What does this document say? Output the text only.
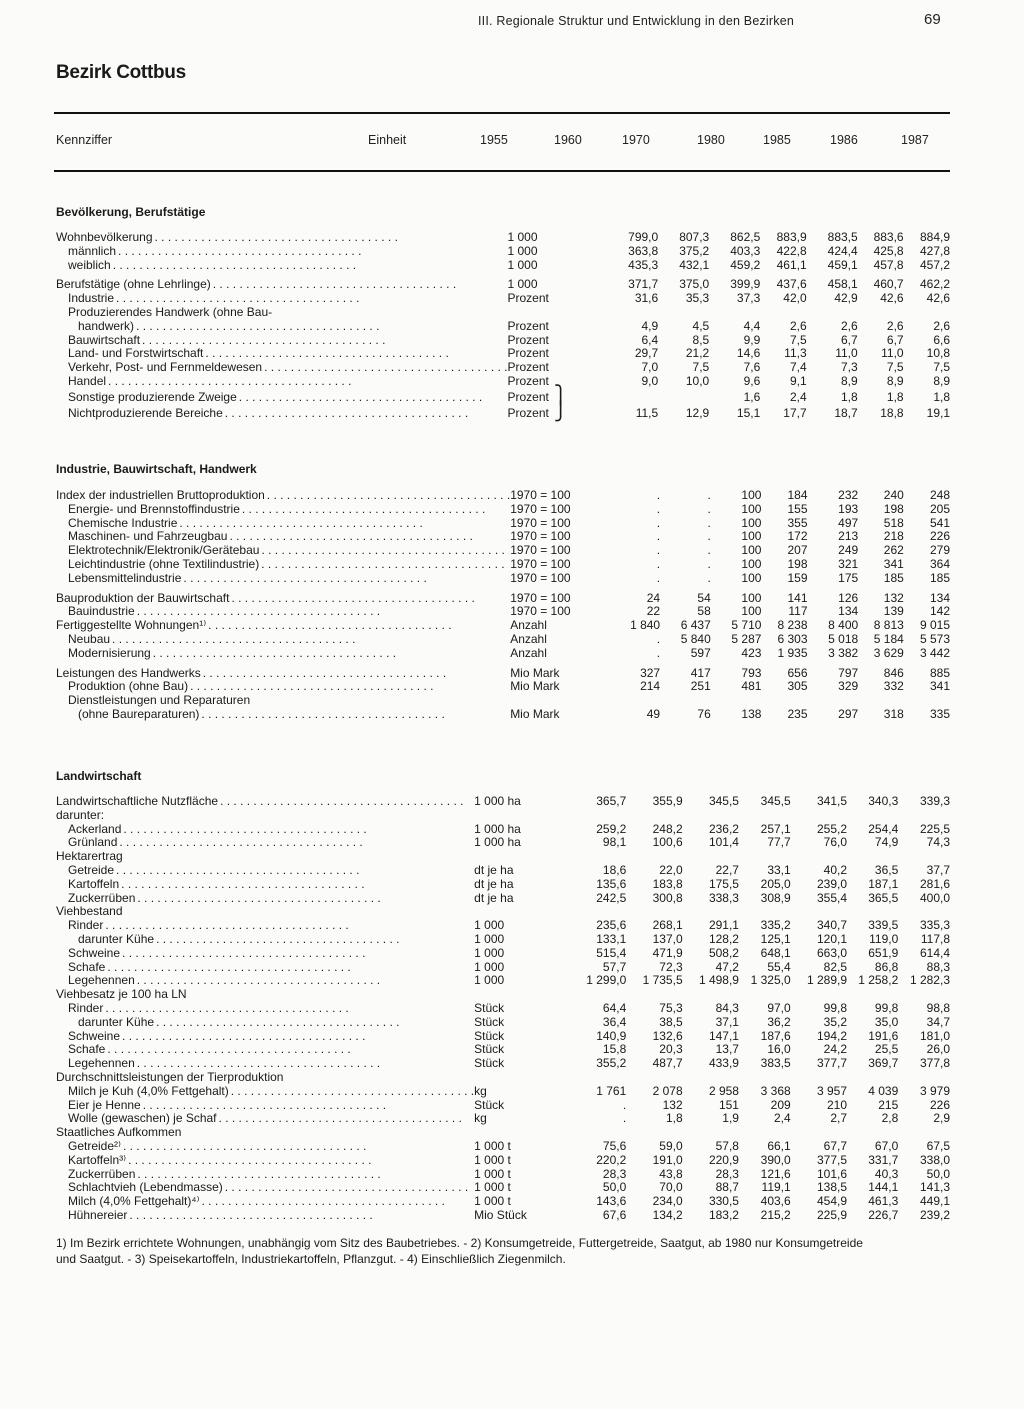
III. Regionale Struktur und Entwicklung in den Bezirken	69
Bezirk Cottbus
Kennziffer	Einheit	1955	1960	1970	1980	1985	1986	1987
Bevölkerung, Berufstätige
Wohnbevölkerung. . . . . . . . . . . . . . . . . . . . . . . . . . . . . . . . . . . . .	1 000	799,0	807,3	862,5	883,9	883,5	883,6	884,9
männlich. . . . . . . . . . . . . . . . . . . . . . . . . . . . . . . . . . . . .	1 000	363,8	375,2	403,3	422,8	424,4	425,8	427,8
weiblich. . . . . . . . . . . . . . . . . . . . . . . . . . . . . . . . . . . . .	1 000	435,3	432,1	459,2	461,1	459,1	457,8	457,2

Berufstätige (ohne Lehrlinge). . . . . . . . . . . . . . . . . . . . . . . . . . . . . . . . . . . . .	1 000	371,7	375,0	399,9	437,6	458,1	460,7	462,2
Industrie. . . . . . . . . . . . . . . . . . . . . . . . . . . . . . . . . . . . .	Prozent	31,6	35,3	37,3	42,0	42,9	42,6	42,6
Produzierendes Handwerk (ohne Bau-								
handwerk). . . . . . . . . . . . . . . . . . . . . . . . . . . . . . . . . . . . .	Prozent	4,9	4,5	4,4	2,6	2,6	2,6	2,6
Bauwirtschaft. . . . . . . . . . . . . . . . . . . . . . . . . . . . . . . . . . . . .	Prozent	6,4	8,5	9,9	7,5	6,7	6,7	6,6
Land- und Forstwirtschaft. . . . . . . . . . . . . . . . . . . . . . . . . . . . . . . . . . . . .	Prozent	29,7	21,2	14,6	11,3	11,0	11,0	10,8
Verkehr, Post- und Fernmeldewesen. . . . . . . . . . . . . . . . . . . . . . . . . . . . . . . . . . . . .	Prozent	7,0	7,5	7,6	7,4	7,3	7,5	7,5
Handel. . . . . . . . . . . . . . . . . . . . . . . . . . . . . . . . . . . . .	Prozent	9,0	10,0	9,6	9,1	8,9	8,9	8,9
Sonstige produzierende Zweige. . . . . . . . . . . . . . . . . . . . . . . . . . . . . . . . . . . . .	Prozent ⎫			1,6	2,4	1,8	1,8	1,8
Nichtproduzierende Bereiche. . . . . . . . . . . . . . . . . . . . . . . . . . . . . . . . . . . . .	Prozent ⎭	11,5	12,9	15,1	17,7	18,7	18,8	19,1
Industrie, Bauwirtschaft, Handwerk
Index der industriellen Bruttoproduktion. . . . . . . . . . . . . . . . . . . . . . . . . . . . . . . . . . . . .	1970 = 100	.	.	100	184	232	240	248
Energie- und Brennstoffindustrie. . . . . . . . . . . . . . . . . . . . . . . . . . . . . . . . . . . . .	1970 = 100	.	.	100	155	193	198	205
Chemische Industrie. . . . . . . . . . . . . . . . . . . . . . . . . . . . . . . . . . . . .	1970 = 100	.	.	100	355	497	518	541
Maschinen- und Fahrzeugbau. . . . . . . . . . . . . . . . . . . . . . . . . . . . . . . . . . . . .	1970 = 100	.	.	100	172	213	218	226
Elektrotechnik/Elektronik/Gerätebau. . . . . . . . . . . . . . . . . . . . . . . . . . . . . . . . . . . . .	1970 = 100	.	.	100	207	249	262	279
Leichtindustrie (ohne Textilindustrie). . . . . . . . . . . . . . . . . . . . . . . . . . . . . . . . . . . . .	1970 = 100	.	.	100	198	321	341	364
Lebensmittelindustrie. . . . . . . . . . . . . . . . . . . . . . . . . . . . . . . . . . . . .	1970 = 100	.	.	100	159	175	185	185

Bauproduktion der Bauwirtschaft. . . . . . . . . . . . . . . . . . . . . . . . . . . . . . . . . . . . .	1970 = 100	24	54	100	141	126	132	134
Bauindustrie. . . . . . . . . . . . . . . . . . . . . . . . . . . . . . . . . . . . .	1970 = 100	22	58	100	117	134	139	142
Fertiggestellte Wohnungen¹⁾. . . . . . . . . . . . . . . . . . . . . . . . . . . . . . . . . . . . .	Anzahl	1 840	6 437	5 710	8 238	8 400	8 813	9 015
Neubau. . . . . . . . . . . . . . . . . . . . . . . . . . . . . . . . . . . . .	Anzahl	.	5 840	5 287	6 303	5 018	5 184	5 573
Modernisierung. . . . . . . . . . . . . . . . . . . . . . . . . . . . . . . . . . . . .	Anzahl	.	597	423	1 935	3 382	3 629	3 442

Leistungen des Handwerks. . . . . . . . . . . . . . . . . . . . . . . . . . . . . . . . . . . . .	Mio Mark	327	417	793	656	797	846	885
Produktion (ohne Bau). . . . . . . . . . . . . . . . . . . . . . . . . . . . . . . . . . . . .	Mio Mark	214	251	481	305	329	332	341
Dienstleistungen und Reparaturen								
(ohne Baureparaturen). . . . . . . . . . . . . . . . . . . . . . . . . . . . . . . . . . . . .	Mio Mark	49	76	138	235	297	318	335
Landwirtschaft
Landwirtschaftliche Nutzfläche. . . . . . . . . . . . . . . . . . . . . . . . . . . . . . . . . . . . .	1 000 ha	365,7	355,9	345,5	345,5	341,5	340,3	339,3
darunter:								
Ackerland. . . . . . . . . . . . . . . . . . . . . . . . . . . . . . . . . . . . .	1 000 ha	259,2	248,2	236,2	257,1	255,2	254,4	225,5
Grünland. . . . . . . . . . . . . . . . . . . . . . . . . . . . . . . . . . . . .	1 000 ha	98,1	100,6	101,4	77,7	76,0	74,9	74,3
Hektarertrag								
Getreide. . . . . . . . . . . . . . . . . . . . . . . . . . . . . . . . . . . . .	dt je ha	18,6	22,0	22,7	33,1	40,2	36,5	37,7
Kartoffeln. . . . . . . . . . . . . . . . . . . . . . . . . . . . . . . . . . . . .	dt je ha	135,6	183,8	175,5	205,0	239,0	187,1	281,6
Zuckerrüben. . . . . . . . . . . . . . . . . . . . . . . . . . . . . . . . . . . . .	dt je ha	242,5	300,8	338,3	308,9	355,4	365,5	400,0
Viehbestand								
Rinder. . . . . . . . . . . . . . . . . . . . . . . . . . . . . . . . . . . . .	1 000	235,6	268,1	291,1	335,2	340,7	339,5	335,3
darunter Kühe. . . . . . . . . . . . . . . . . . . . . . . . . . . . . . . . . . . . .	1 000	133,1	137,0	128,2	125,1	120,1	119,0	117,8
Schweine. . . . . . . . . . . . . . . . . . . . . . . . . . . . . . . . . . . . .	1 000	515,4	471,9	508,2	648,1	663,0	651,9	614,4
Schafe. . . . . . . . . . . . . . . . . . . . . . . . . . . . . . . . . . . . .	1 000	57,7	72,3	47,2	55,4	82,5	86,8	88,3
Legehennen. . . . . . . . . . . . . . . . . . . . . . . . . . . . . . . . . . . . .	1 000	1 299,0	1 735,5	1 498,9	1 325,0	1 289,9	1 258,2	1 282,3
Viehbesatz je 100 ha LN								
Rinder. . . . . . . . . . . . . . . . . . . . . . . . . . . . . . . . . . . . .	Stück	64,4	75,3	84,3	97,0	99,8	99,8	98,8
darunter Kühe. . . . . . . . . . . . . . . . . . . . . . . . . . . . . . . . . . . . .	Stück	36,4	38,5	37,1	36,2	35,2	35,0	34,7
Schweine. . . . . . . . . . . . . . . . . . . . . . . . . . . . . . . . . . . . .	Stück	140,9	132,6	147,1	187,6	194,2	191,6	181,0
Schafe. . . . . . . . . . . . . . . . . . . . . . . . . . . . . . . . . . . . .	Stück	15,8	20,3	13,7	16,0	24,2	25,5	26,0
Legehennen. . . . . . . . . . . . . . . . . . . . . . . . . . . . . . . . . . . . .	Stück	355,2	487,7	433,9	383,5	377,7	369,7	377,8
Durchschnittsleistungen der Tierproduktion								
Milch je Kuh (4,0% Fettgehalt). . . . . . . . . . . . . . . . . . . . . . . . . . . . . . . . . . . . .	kg	1 761	2 078	2 958	3 368	3 957	4 039	3 979
Eier je Henne. . . . . . . . . . . . . . . . . . . . . . . . . . . . . . . . . . . . .	Stück	.	132	151	209	210	215	226
Wolle (gewaschen) je Schaf. . . . . . . . . . . . . . . . . . . . . . . . . . . . . . . . . . . . .	kg	.	1,8	1,9	2,4	2,7	2,8	2,9
Staatliches Aufkommen								
Getreide²⁾. . . . . . . . . . . . . . . . . . . . . . . . . . . . . . . . . . . . .	1 000 t	75,6	59,0	57,8	66,1	67,7	67,0	67,5
Kartoffeln³⁾. . . . . . . . . . . . . . . . . . . . . . . . . . . . . . . . . . . . .	1 000 t	220,2	191,0	220,9	390,0	377,5	331,7	338,0
Zuckerrüben. . . . . . . . . . . . . . . . . . . . . . . . . . . . . . . . . . . . .	1 000 t	28,3	43,8	28,3	121,6	101,6	40,3	50,0
Schlachtvieh (Lebendmasse). . . . . . . . . . . . . . . . . . . . . . . . . . . . . . . . . . . . .	1 000 t	50,0	70,0	88,7	119,1	138,5	144,1	141,3
Milch (4,0% Fettgehalt)⁴⁾. . . . . . . . . . . . . . . . . . . . . . . . . . . . . . . . . . . . .	1 000 t	143,6	234,0	330,5	403,6	454,9	461,3	449,1
Hühnereier. . . . . . . . . . . . . . . . . . . . . . . . . . . . . . . . . . . . .	Mio Stück	67,6	134,2	183,2	215,2	225,9	226,7	239,2
1) Im Bezirk errichtete Wohnungen, unabhängig vom Sitz des Baubetriebes. - 2) Konsumgetreide, Futtergetreide, Saatgut, ab 1980 nur Konsumgetreide
und Saatgut. - 3) Speisekartoffeln, Industriekartoffeln, Pflanzgut. - 4) Einschließlich Ziegenmilch.
